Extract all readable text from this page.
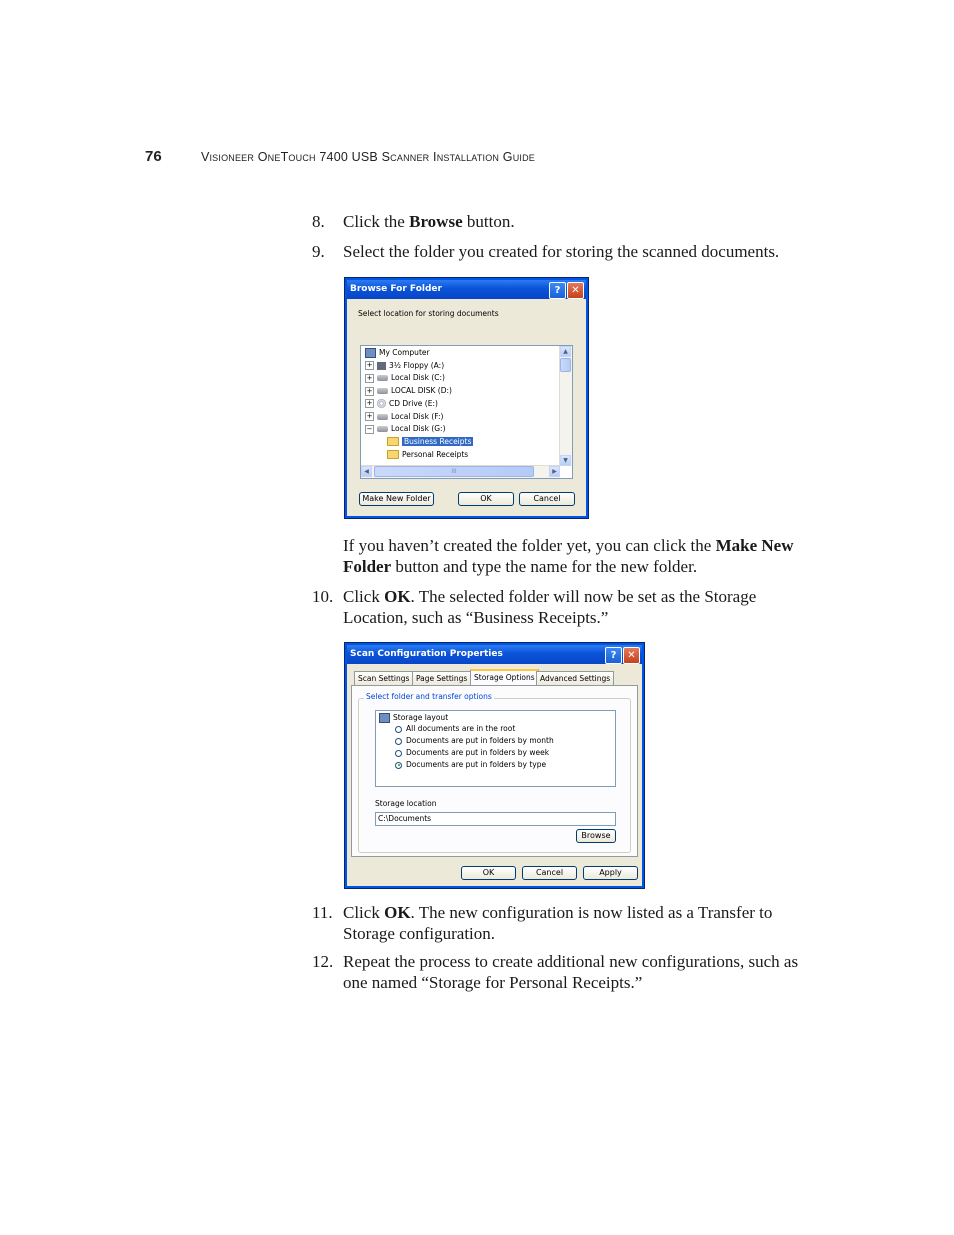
76	Visioneer OneTouch 7400 USB Scanner Installation Guide
8. Click the Browse button.
9. Select the folder you created for storing the scanned documents.
Browse For Folder	?	✕
Select location for storing documents
My Computer
+ 3½ Floppy (A:)
+ Local Disk (C:)
+ LOCAL DISK (D:)
+ CD Drive (E:)
+ Local Disk (F:)
− Local Disk (G:)
Business Receipts
Personal Receipts
▲
▼
◀	III	▶
Make New Folder	OK	Cancel
If you haven’t created the folder yet, you can click the Make New Folder button and type the name for the new folder.
10. Click OK. The selected folder will now be set as the Storage Location, such as “Business Receipts.”
Scan Configuration Properties	?	✕
Scan Settings Page Settings Storage Options Advanced Settings
Select folder and transfer options
Storage layout
All documents are in the root
Documents are put in folders by month
Documents are put in folders by week
Documents are put in folders by type
Storage location
C:\Documents
Browse
OK	Cancel	Apply
11. Click OK. The new configuration is now listed as a Transfer to Storage configuration.
12. Repeat the process to create additional new configurations, such as one named “Storage for Personal Receipts.”
